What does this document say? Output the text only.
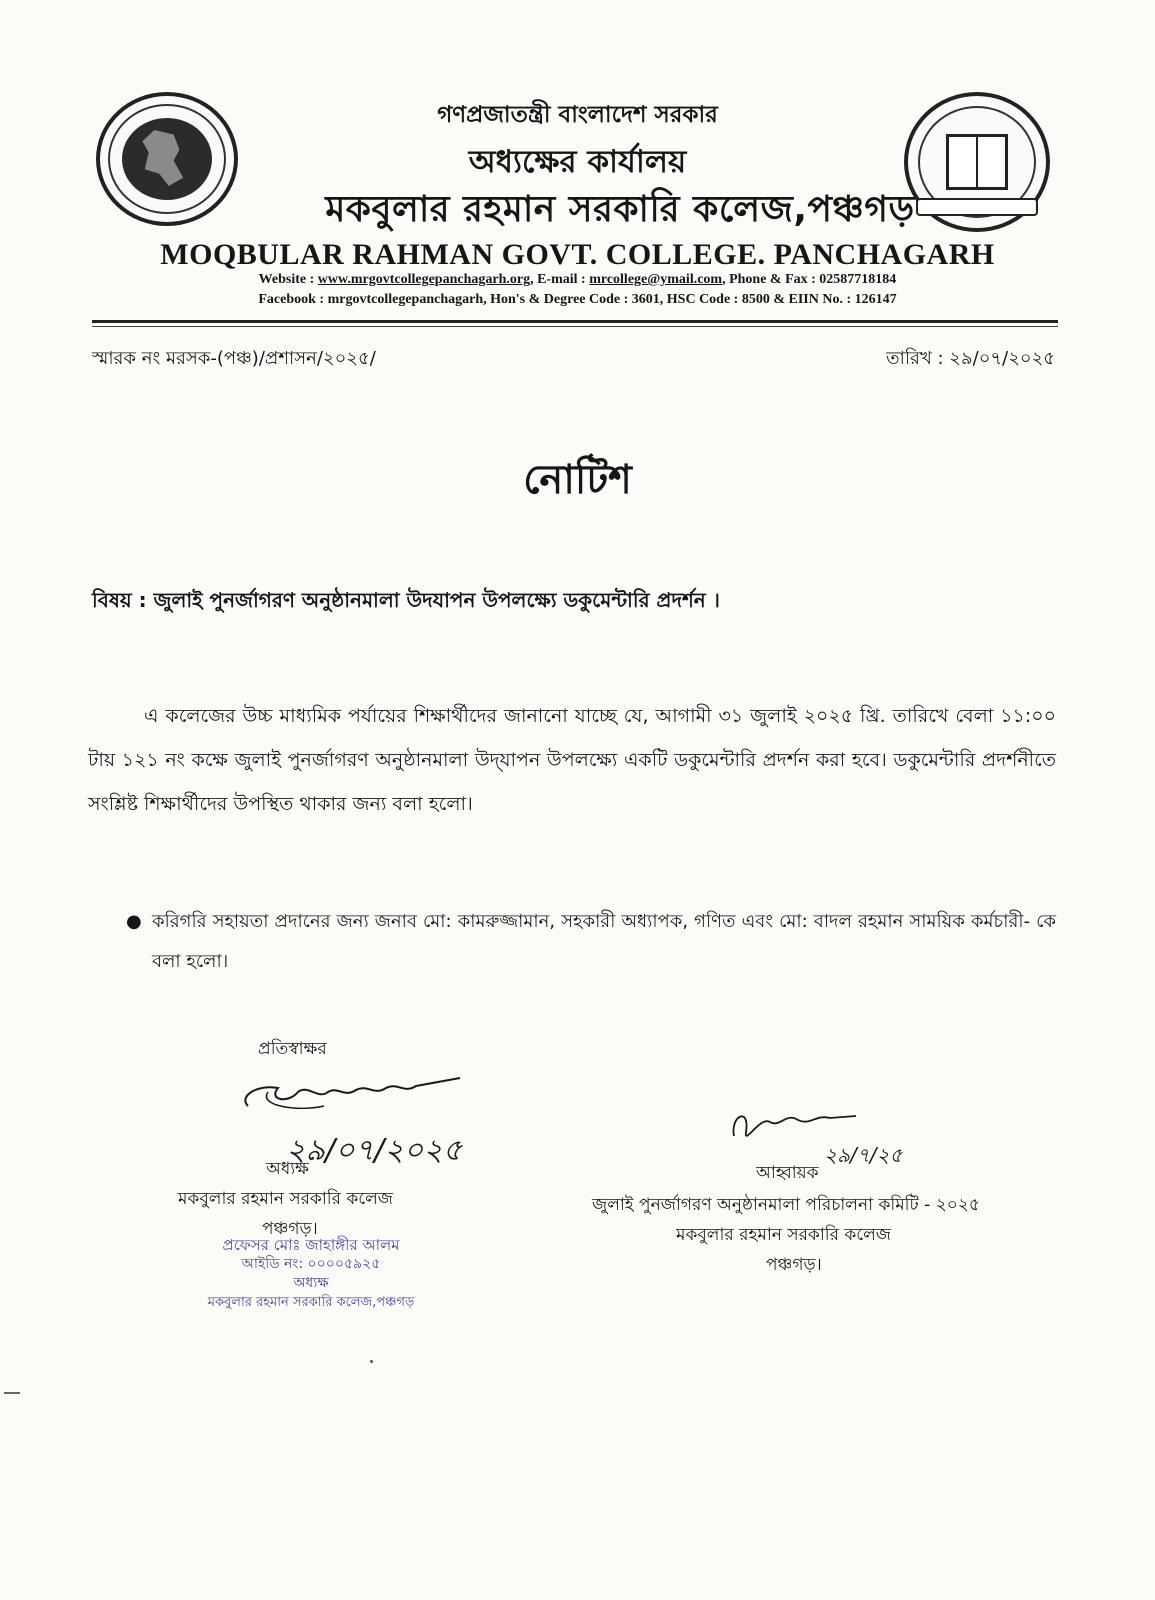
গণপ্রজাতন্ত্রী বাংলাদেশ সরকার
অধ্যক্ষের কার্যালয়
মকবুলার রহমান সরকারি কলেজ,পঞ্চগড়
MOQBULAR RAHMAN GOVT. COLLEGE. PANCHAGARH
Website : www.mrgovtcollegepanchagarh.org, E-mail : mrcollege@ymail.com, Phone & Fax : 02587718184
Facebook : mrgovtcollegepanchagarh, Hon's & Degree Code : 3601, HSC Code : 8500 & EIIN No. : 126147
স্মারক নং মরসক-(পঞ্চ)/প্রশাসন/২০২৫/	তারিখ : ২৯/০৭/২০২৫
নোটিশ
বিষয় : জুলাই পুনর্জাগরণ অনুষ্ঠানমালা উদযাপন উপলক্ষ্যে ডকুমেন্টারি প্রদর্শন ।
এ কলেজের উচ্চ মাধ্যমিক পর্যায়ের শিক্ষার্থীদের জানানো যাচ্ছে যে, আগামী ৩১ জুলাই ২০২৫ খ্রি. তারিখে বেলা ১১:০০ টায় ১২১ নং কক্ষে জুলাই পুনর্জাগরণ অনুষ্ঠানমালা উদ্‌যাপন উপলক্ষ্যে একটি ডকুমেন্টারি প্রদর্শন করা হবে। ডকুমেন্টারি প্রদর্শনীতে সংশ্লিষ্ট শিক্ষার্থীদের উপস্থিত থাকার জন্য বলা হলো।
● করিগরি সহায়তা প্রদানের জন্য জনাব মো: কামরুজ্জামান, সহকারী অধ্যাপক, গণিত এবং মো: বাদল রহমান সাময়িক কর্মচারী- কে বলা হলো।
প্রতিস্বাক্ষর
২৯/০৭/২০২৫	২৯/৭/২৫
অধ্যক্ষ
মকবুলার রহমান সরকারি কলেজ
পঞ্চগড়।
প্রফেসর মোঃ জাহাঙ্গীর আলম
আইডি নং: ০০০০৫৯২৫
অধ্যক্ষ
মকবুলার রহমান সরকারি কলেজ,পঞ্চগড়
আহ্বায়ক
জুলাই পুনর্জাগরণ অনুষ্ঠানমালা পরিচালনা কমিটি - ২০২৫
মকবুলার রহমান সরকারি কলেজ
পঞ্চগড়।
